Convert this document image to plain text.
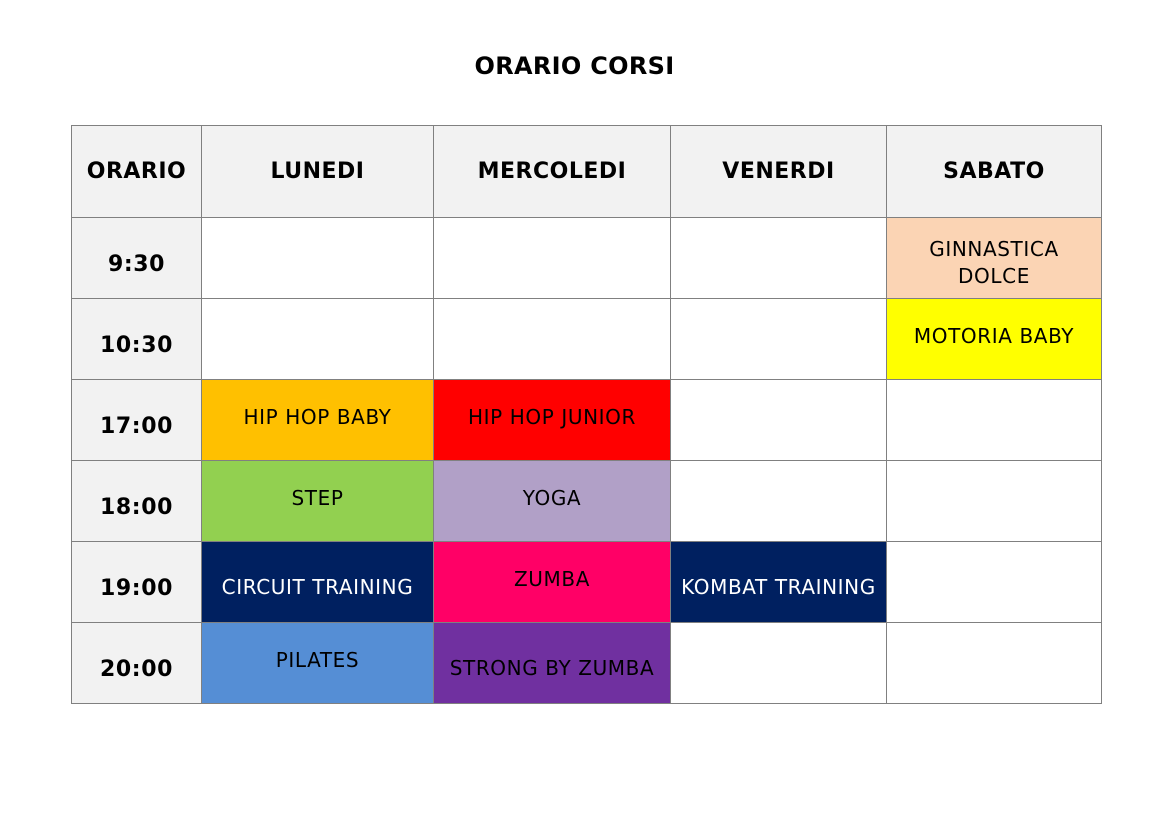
ORARIO CORSI
ORARIO	LUNEDI	MERCOLEDI	VENERDI	SABATO
9:30				GINNASTICA DOLCE

10:30				MOTORIA BABY

17:00	HIP HOP BABY	HIP HOP JUNIOR		

18:00	STEP	YOGA		

19:00	CIRCUIT TRAINING	ZUMBA	KOMBAT TRAINING	

20:00	PILATES	STRONG BY ZUMBA		
